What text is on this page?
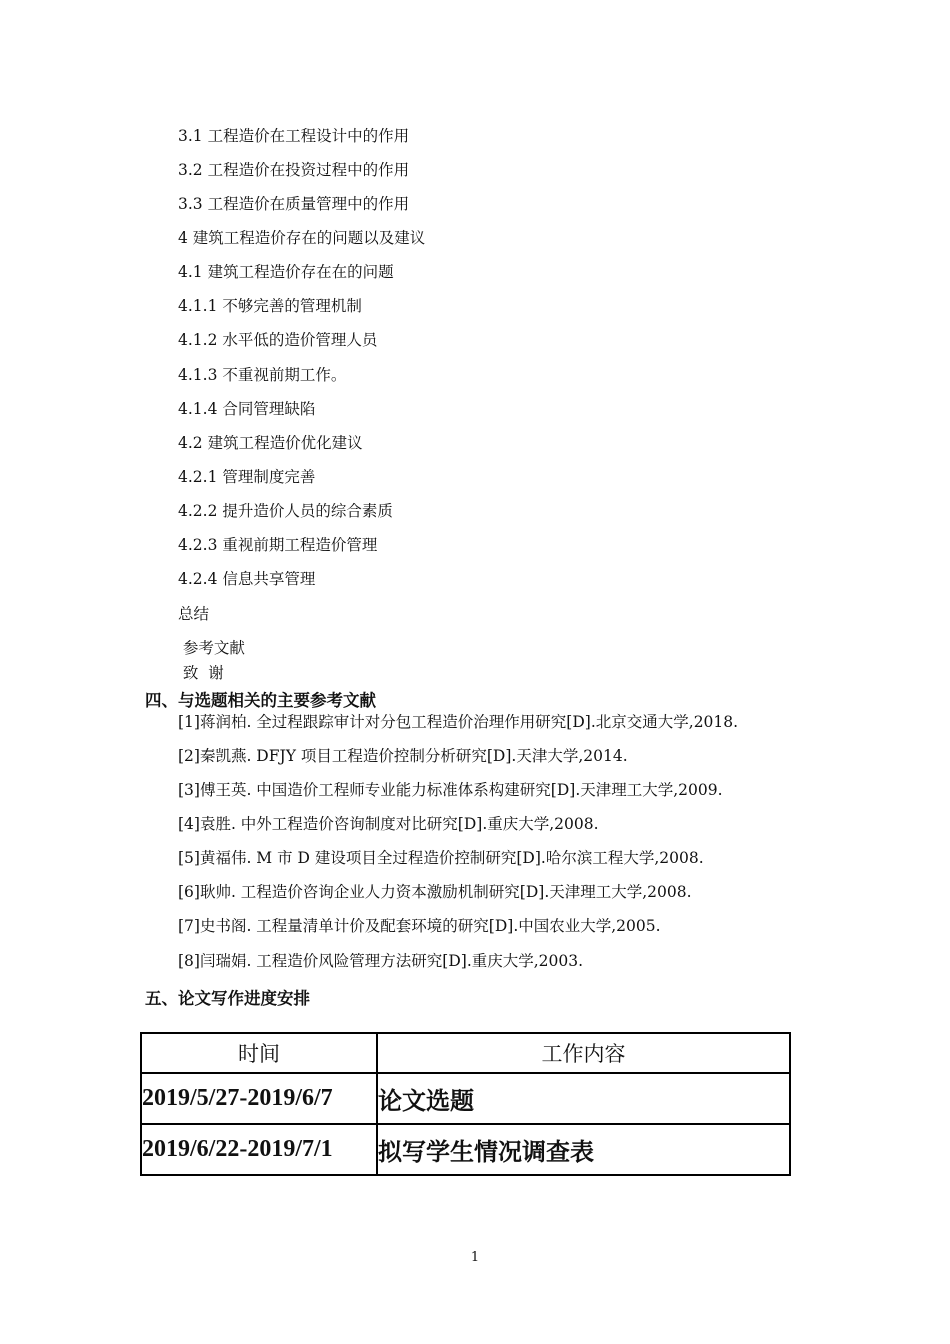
3.1 工程造价在工程设计中的作用
3.2 工程造价在投资过程中的作用
3.3 工程造价在质量管理中的作用
4 建筑工程造价存在的问题以及建议
4.1 建筑工程造价存在在的问题
4.1.1 不够完善的管理机制
4.1.2 水平低的造价管理人员
4.1.3 不重视前期工作。
4.1.4 合同管理缺陷
4.2 建筑工程造价优化建议
4.2.1 管理制度完善
4.2.2 提升造价人员的综合素质
4.2.3 重视前期工程造价管理
4.2.4 信息共享管理
总结
参考文献
致  谢
四、与选题相关的主要参考文献
[1]蒋润柏. 全过程跟踪审计对分包工程造价治理作用研究[D].北京交通大学,2018.
[2]秦凯燕. DFJY 项目工程造价控制分析研究[D].天津大学,2014.
[3]傅王英. 中国造价工程师专业能力标准体系构建研究[D].天津理工大学,2009.
[4]袁胜. 中外工程造价咨询制度对比研究[D].重庆大学,2008.
[5]黄福伟. M 市 D 建设项目全过程造价控制研究[D].哈尔滨工程大学,2008.
[6]耿帅. 工程造价咨询企业人力资本激励机制研究[D].天津理工大学,2008.
[7]史书阁. 工程量清单计价及配套环境的研究[D].中国农业大学,2005.
[8]闫瑞娟. 工程造价风险管理方法研究[D].重庆大学,2003.
五、论文写作进度安排
时间	工作内容
2019/5/27-2019/6/7	论文选题
2019/6/22-2019/7/1	拟写学生情况调查表
1
